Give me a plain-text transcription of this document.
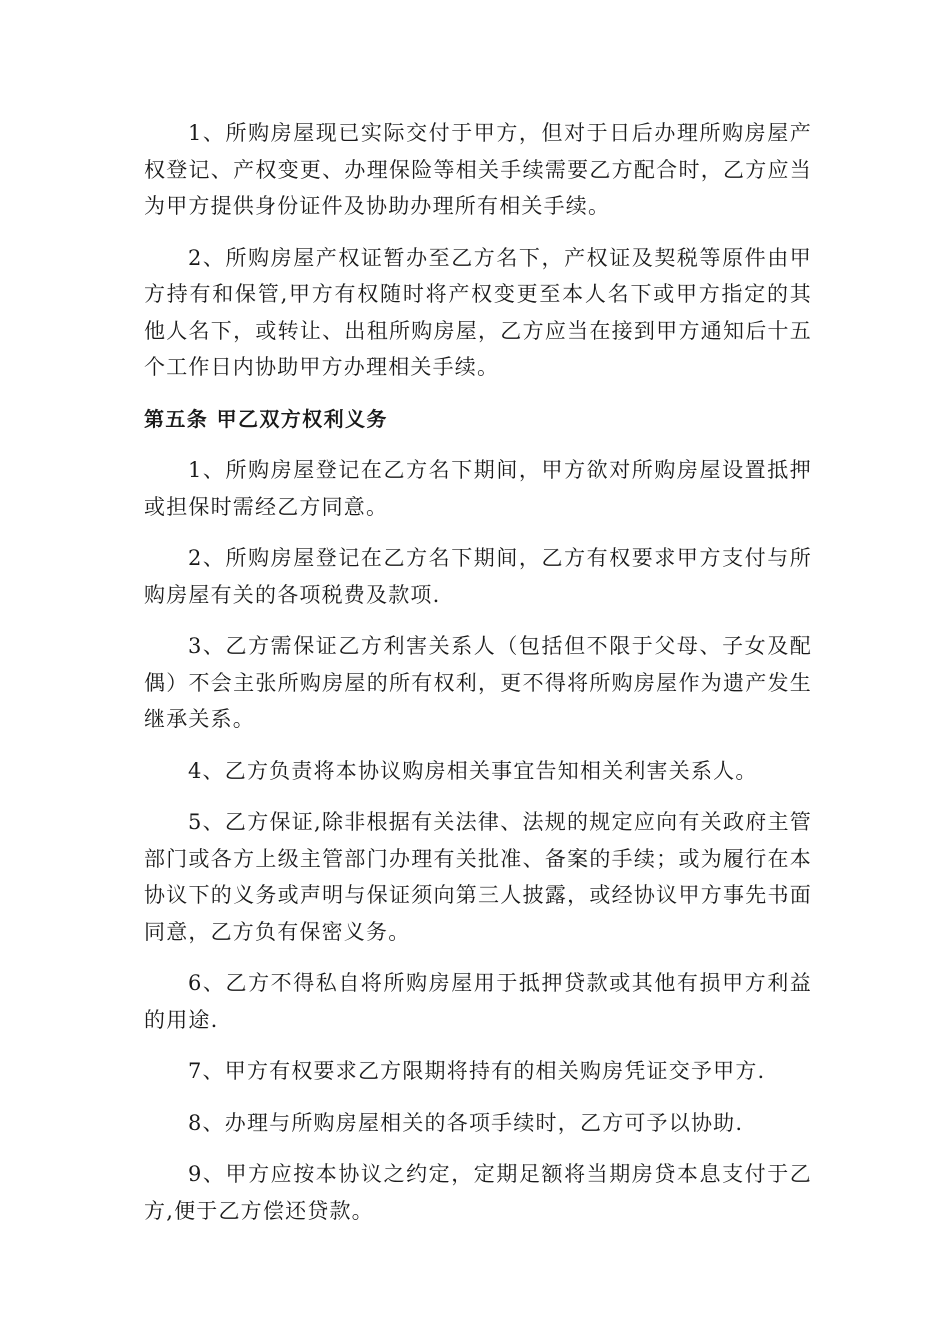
1、所购房屋现已实际交付于甲方，但对于日后办理所购房屋产权登记、产权变更、办理保险等相关手续需要乙方配合时，乙方应当为甲方提供身份证件及协助办理所有相关手续。

2、所购房屋产权证暂办至乙方名下，产权证及契税等原件由甲方持有和保管,甲方有权随时将产权变更至本人名下或甲方指定的其他人名下，或转让、出租所购房屋，乙方应当在接到甲方通知后十五个工作日内协助甲方办理相关手续。

第五条 甲乙双方权利义务

1、所购房屋登记在乙方名下期间，甲方欲对所购房屋设置抵押或担保时需经乙方同意。

2、所购房屋登记在乙方名下期间，乙方有权要求甲方支付与所购房屋有关的各项税费及款项.

3、乙方需保证乙方利害关系人（包括但不限于父母、子女及配偶）不会主张所购房屋的所有权利，更不得将所购房屋作为遗产发生继承关系。

4、乙方负责将本协议购房相关事宜告知相关利害关系人。

5、乙方保证,除非根据有关法律、法规的规定应向有关政府主管部门或各方上级主管部门办理有关批准、备案的手续；或为履行在本协议下的义务或声明与保证须向第三人披露，或经协议甲方事先书面同意，乙方负有保密义务。

6、乙方不得私自将所购房屋用于抵押贷款或其他有损甲方利益的用途.

7、甲方有权要求乙方限期将持有的相关购房凭证交予甲方.

8、办理与所购房屋相关的各项手续时，乙方可予以协助.

9、甲方应按本协议之约定，定期足额将当期房贷本息支付于乙方,便于乙方偿还贷款。
